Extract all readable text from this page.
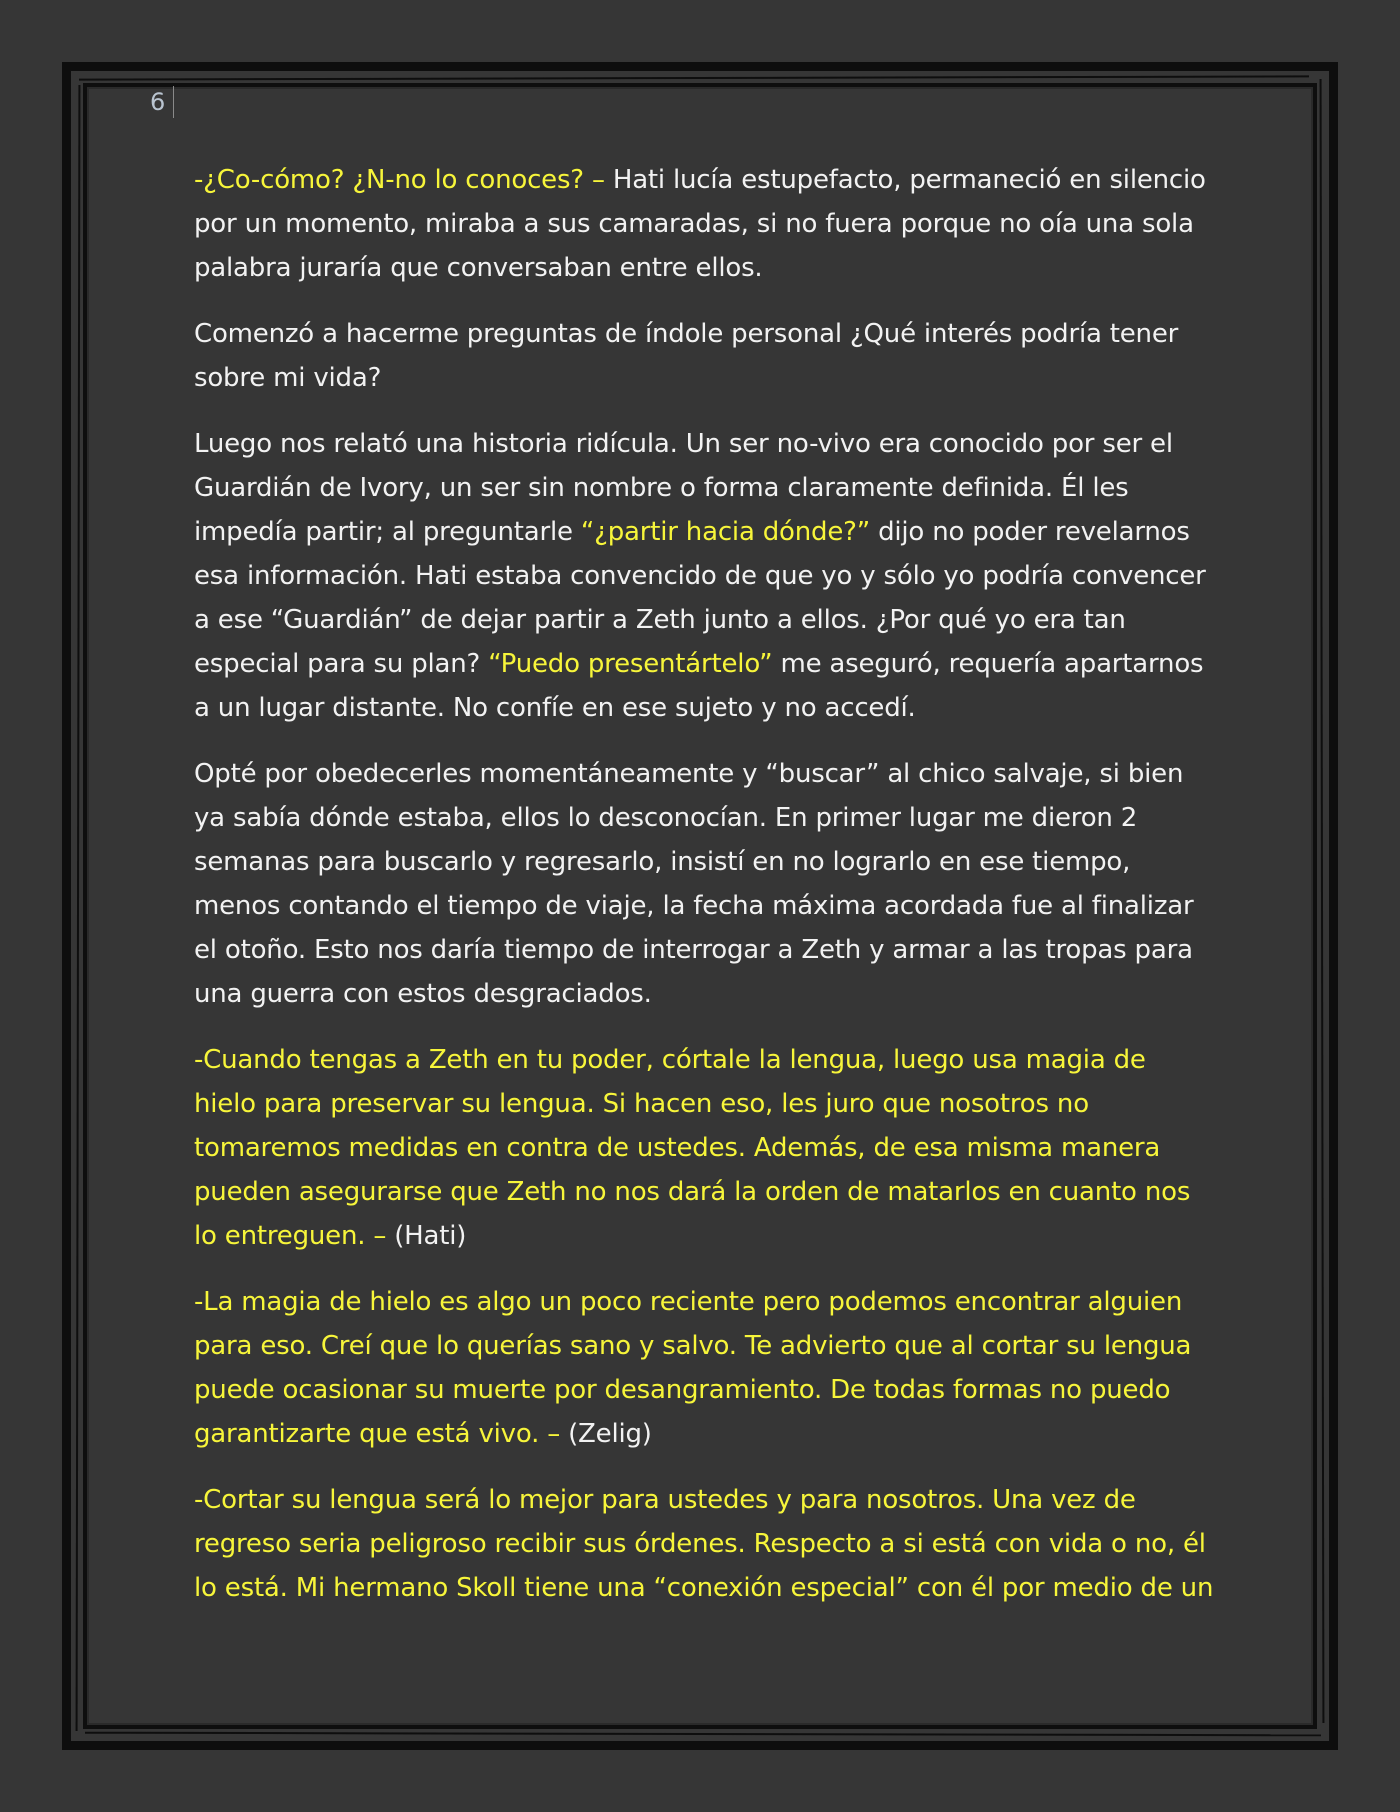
6

-¿Co-cómo? ¿N-no lo conoces? – Hati lucía estupefacto, permaneció en silencio por un momento, miraba a sus camaradas, si no fuera porque no oía una sola palabra juraría que conversaban entre ellos.

Comenzó a hacerme preguntas de índole personal ¿Qué interés podría tener sobre mi vida?

Luego nos relató una historia ridícula. Un ser no-vivo era conocido por ser el Guardián de Ivory, un ser sin nombre o forma claramente definida. Él les impedía partir; al preguntarle “¿partir hacia dónde?” dijo no poder revelarnos esa información. Hati estaba convencido de que yo y sólo yo podría convencer a ese “Guardián” de dejar partir a Zeth junto a ellos. ¿Por qué yo era tan especial para su plan? “Puedo presentártelo” me aseguró, requería apartarnos a un lugar distante. No confíe en ese sujeto y no accedí.

Opté por obedecerles momentáneamente y “buscar” al chico salvaje, si bien ya sabía dónde estaba, ellos lo desconocían. En primer lugar me dieron 2 semanas para buscarlo y regresarlo, insistí en no lograrlo en ese tiempo, menos contando el tiempo de viaje, la fecha máxima acordada fue al finalizar el otoño. Esto nos daría tiempo de interrogar a Zeth y armar a las tropas para una guerra con estos desgraciados.

-Cuando tengas a Zeth en tu poder, córtale la lengua, luego usa magia de hielo para preservar su lengua. Si hacen eso, les juro que nosotros no tomaremos medidas en contra de ustedes. Además, de esa misma manera pueden asegurarse que Zeth no nos dará la orden de matarlos en cuanto nos lo entreguen. – (Hati)

-La magia de hielo es algo un poco reciente pero podemos encontrar alguien para eso. Creí que lo querías sano y salvo. Te advierto que al cortar su lengua puede ocasionar su muerte por desangramiento. De todas formas no puedo garantizarte que está vivo. – (Zelig)

-Cortar su lengua será lo mejor para ustedes y para nosotros. Una vez de regreso seria peligroso recibir sus órdenes. Respecto a si está con vida o no, él lo está. Mi hermano Skoll tiene una “conexión especial” con él por medio de un
